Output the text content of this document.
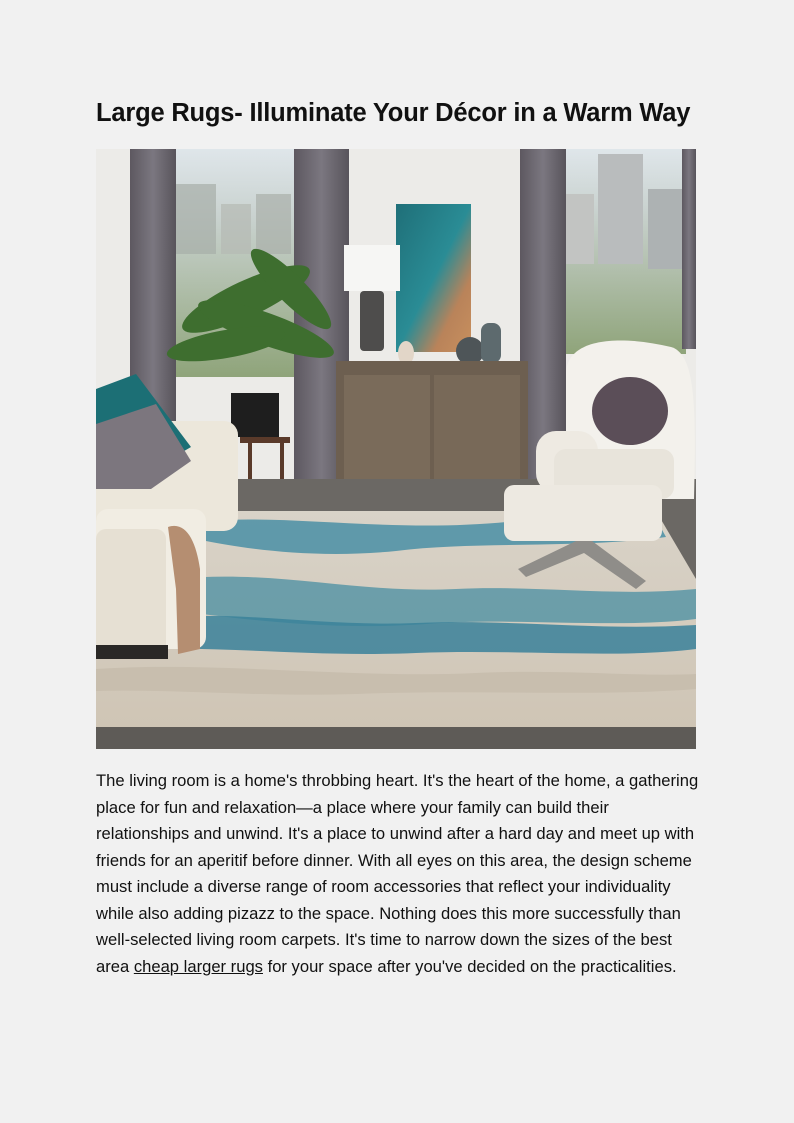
Large Rugs- Illuminate Your Décor in a Warm Way

The living room is a home's throbbing heart. It's the heart of the home, a gathering place for fun and relaxation—a place where your family can build their relationships and unwind. It's a place to unwind after a hard day and meet up with friends for an aperitif before dinner. With all eyes on this area, the design scheme must include a diverse range of room accessories that reflect your individuality while also adding pizazz to the space. Nothing does this more successfully than well-selected living room carpets. It's time to narrow down the sizes of the best area cheap larger rugs for your space after you've decided on the practicalities.
